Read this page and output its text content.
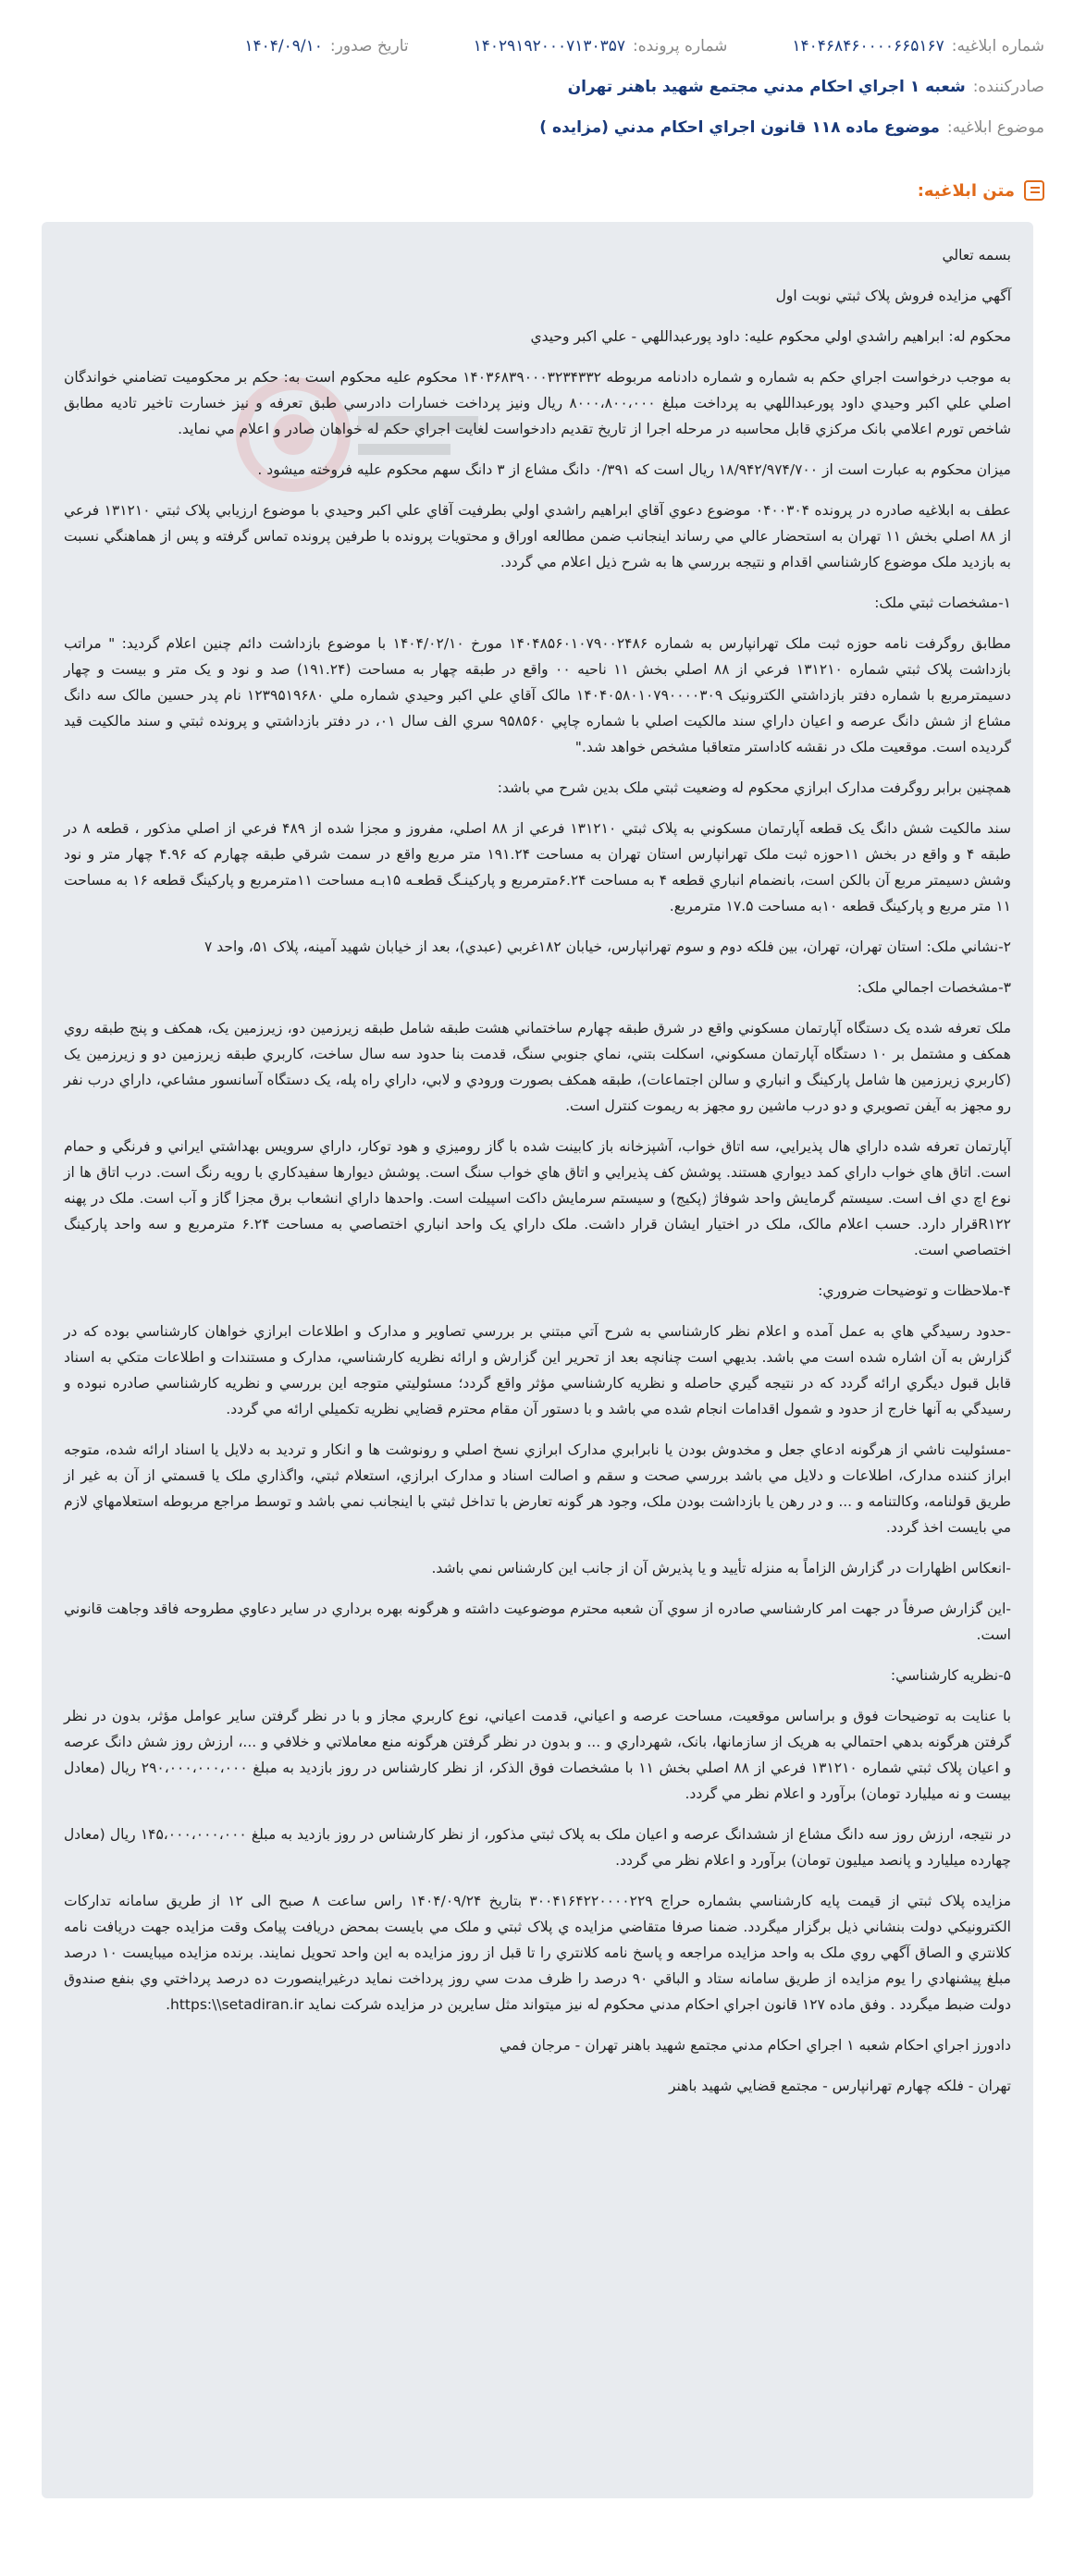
شماره ابلاغيه:
۱۴۰۴۶۸۴۶۰۰۰۰۶۶۵۱۶۷
شماره پرونده:
۱۴۰۲۹۱۹۲۰۰۰۷۱۳۰۳۵۷
تاريخ صدور:
۱۴۰۴/۰۹/۱۰
صادرکننده:
شعبه ۱ اجراي احکام مدني مجتمع شهيد باهنر تهران
موضوع ابلاغيه:
موضوع ماده ۱۱۸ قانون اجراي احکام مدني (مزايده )
متن ابلاغيه:

بسمه تعالي

آگهي مزايده فروش پلاک ثبتي نوبت اول

محکوم له: ابراهيم راشدي اولي محکوم عليه: داود پورعبداللهي - علي اکبر وحيدي

به موجب درخواست اجراي حکم به شماره و شماره دادنامه مربوطه ۱۴۰۳۶۸۳۹۰۰۰۳۲۳۴۳۳۲ محکوم عليه محکوم است به: حکم بر محکوميت تضامني خواندگان اصلي علي اکبر وحيدي داود پورعبداللهي به پرداخت مبلغ ۸۰۰۰،۸۰۰،۰۰۰ ريال ونيز پرداخت خسارات دادرسي طبق تعرفه و نيز خسارت تاخير تاديه مطابق شاخص تورم اعلامي بانک مرکزي قابل محاسبه در مرحله اجرا از تاريخ تقديم دادخواست لغايت اجراي حکم له خواهان صادر و اعلام مي نمايد.

ميزان محکوم به عبارت است از ۱۸/۹۴۲/۹۷۴/۷۰۰ ريال است که ۰/۳۹۱ دانگ مشاع از ۳ دانگ سهم محکوم عليه فروخته ميشود .

عطف به ابلاغيه صادره در پرونده ۰۴۰۰۳۰۴ موضوع دعوي آقاي ابراهيم راشدي اولي بطرفيت آقاي علي اکبر وحيدي با موضوع ارزيابي پلاک ثبتي ۱۳۱۲۱۰ فرعي از ۸۸ اصلي بخش ۱۱ تهران به استحضار عالي مي رساند اينجانب ضمن مطالعه اوراق و محتويات پرونده با طرفين پرونده تماس گرفته و پس از هماهنگي نسبت به بازديد ملک موضوع کارشناسي اقدام و نتيجه بررسي ها به شرح ذيل اعلام مي گردد.

۱-مشخصات ثبتي ملک:

مطابق روگرفت نامه حوزه ثبت ملک تهرانپارس به شماره ۱۴۰۴۸۵۶۰۱۰۷۹۰۰۲۴۸۶ مورخ ۱۴۰۴/۰۲/۱۰ با موضوع بازداشت دائم چنين اعلام گرديد: " مراتب بازداشت پلاک ثبتي شماره ۱۳۱۲۱۰ فرعي از ۸۸ اصلي بخش ۱۱ ناحيه ۰۰ واقع در طبقه چهار به مساحت (۱۹۱.۲۴) صد و نود و يک متر و بيست و چهار دسيمترمربع با شماره دفتر بازداشتي الکترونيک ۱۴۰۴۰۵۸۰۱۰۷۹۰۰۰۰۳۰۹ مالک آقاي علي اکبر وحيدي شماره ملي ۱۲۳۹۵۱۹۶۸۰ نام پدر حسين مالک سه دانگ مشاع از شش دانگ عرصه و اعيان داراي سند مالکيت اصلي با شماره چاپي ۹۵۸۵۶۰ سري الف سال ۰۱، در دفتر بازداشتي و پرونده ثبتي و سند مالکيت قيد گرديده است. موقعيت ملک در نقشه کاداستر متعاقبا مشخص خواهد شد."

همچنين برابر روگرفت مدارک ابرازي محکوم له وضعيت ثبتي ملک بدين شرح مي باشد:

سند مالکيت شش دانگ يک قطعه آپارتمان مسکوني به پلاک ثبتي ۱۳۱۲۱۰ فرعي از ۸۸ اصلي، مفروز و مجزا شده از ۴۸۹ فرعي از اصلي مذکور ، قطعه ۸ در طبقه ۴ و واقع در بخش ۱۱حوزه ثبت ملک تهرانپارس استان تهران به مساحت ۱۹۱.۲۴ متر مربع واقع در سمت شرقي طبقه چهارم که ۴.۹۶ چهار متر و نود وشش دسيمتر مربع آن بالکن است، بانضمام انباري قطعه ۴ به مساحت ۶.۲۴مترمربع و پارکينـگ قطعـه ۱۵بـه مساحت ۱۱مترمربع و پارکينگ قطعه ۱۶ به مساحت ۱۱ متر مربع و پارکينگ قطعه ۱۰به مساحت ۱۷.۵ مترمربع.

۲-نشاني ملک: استان تهران، تهران، بين فلکه دوم و سوم تهرانپارس، خيابان ۱۸۲غربي (عبدي)، بعد از خيابان شهيد آمينه، پلاک ۵۱، واحد ۷

۳-مشخصات اجمالي ملک:

ملک تعرفه شده يک دستگاه آپارتمان مسکوني واقع در شرق طبقه چهارم ساختماني هشت طبقه شامل طبقه زيرزمين دو، زيرزمين يک، همکف و پنج طبقه روي همکف و مشتمل بر ۱۰ دستگاه آپارتمان مسکوني، اسکلت بتني، نماي جنوبي سنگ، قدمت بنا حدود سه سال ساخت، کاربري طبقه زيرزمين دو و زيرزمين يک (کاربري زيرزمين ها شامل پارکينگ و انباري و سالن اجتماعات)، طبقه همکف بصورت ورودي و لابي، داراي راه پله، يک دستگاه آسانسور مشاعي، داراي درب نفر رو مجهز به آيفن تصويري و دو درب ماشين رو مجهز به ريموت کنترل است.

آپارتمان تعرفه شده داراي هال پذيرايي، سه اتاق خواب، آشپزخانه باز کابينت شده با گاز روميزي و هود توکار، داراي سرويس بهداشتي ايراني و فرنگي و حمام است. اتاق هاي خواب داراي کمد ديواري هستند. پوشش کف پذيرايي و اتاق هاي خواب سنگ است. پوشش ديوارها سفيدکاري با رويه رنگ است. درب اتاق ها از نوع اچ دي اف است. سيستم گرمايش واحد شوفاژ (پکيج) و سيستم سرمايش داکت اسپيلت است. واحدها داراي انشعاب برق مجزا گاز و آب است. ملک در پهنه R۱۲۲قرار دارد. حسب اعلام مالک، ملک در اختيار ايشان قرار داشت. ملک داراي يک واحد انباري اختصاصي به مساحت ۶.۲۴ مترمربع و سه واحد پارکينگ اختصاصي است.

۴-ملاحظات و توضيحات ضروري:

-حدود رسيدگي هاي به عمل آمده و اعلام نظر کارشناسي به شرح آتي مبتني بر بررسي تصاوير و مدارک و اطلاعات ابرازي خواهان کارشناسي بوده که در گزارش به آن اشاره شده است مي باشد. بديهي است چنانچه بعد از تحرير اين گزارش و ارائه نظريه کارشناسي، مدارک و مستندات و اطلاعات متکي به اسناد قابل قبول ديگري ارائه گردد که در نتيجه گيري حاصله و نظريه کارشناسي مؤثر واقع گردد؛ مسئوليتي متوجه اين بررسي و نظريه کارشناسي صادره نبوده و رسيدگي به آنها خارج از حدود و شمول اقدامات انجام شده مي باشد و با دستور آن مقام محترم قضايي نظريه تکميلي ارائه مي گردد.

-مسئوليت ناشي از هرگونه ادعاي جعل و مخدوش بودن يا نابرابري مدارک ابرازي نسخ اصلي و رونوشت ها و انکار و ترديد به دلايل يا اسناد ارائه شده، متوجه ابراز کننده مدارک، اطلاعات و دلايل مي باشد بررسي صحت و سقم و اصالت اسناد و مدارک ابرازي، استعلام ثبتي، واگذاري ملک يا قسمتي از آن به غير از طريق قولنامه، وکالتنامه و ... و در رهن يا بازداشت بودن ملک، وجود هر گونه تعارض با تداخل ثبتي با اينجانب نمي باشد و توسط مراجع مربوطه استعلامهاي لازم مي بايست اخذ گردد.

-انعکاس اظهارات در گزارش الزاماً به منزله تأييد و يا پذيرش آن از جانب اين کارشناس نمي باشد.

-اين گزارش صرفاً در جهت امر کارشناسي صادره از سوي آن شعبه محترم موضوعيت داشته و هرگونه بهره برداري در ساير دعاوي مطروحه فاقد وجاهت قانوني است.

۵-نظريه کارشناسي:

با عنايت به توضيحات فوق و براساس موقعيت، مساحت عرصه و اعياني، قدمت اعياني، نوع کاربري مجاز و با در نظر گرفتن ساير عوامل مؤثر، بدون در نظر گرفتن هرگونه بدهي احتمالي به هريک از سازمانها، بانک، شهرداري و ... و بدون در نظر گرفتن هرگونه منع معاملاتي و خلافي و ...، ارزش روز شش دانگ عرصه و اعيان پلاک ثبتي شماره ۱۳۱۲۱۰ فرعي از ۸۸ اصلي بخش ۱۱ با مشخصات فوق الذکر، از نظر کارشناس در روز بازديد به مبلغ ۲۹۰،۰۰۰،۰۰۰،۰۰۰ ريال (معادل بيست و نه ميليارد تومان) برآورد و اعلام نظر مي گردد.

در نتيجه، ارزش روز سه دانگ مشاع از ششدانگ عرصه و اعيان ملک به پلاک ثبتي مذکور، از نظر کارشناس در روز بازديد به مبلغ ۱۴۵،۰۰۰،۰۰۰،۰۰۰ ريال (معادل چهارده ميليارد و پانصد ميليون تومان) برآورد و اعلام نظر مي گردد.

مزايده پلاک ثبتي از قيمت پايه کارشناسي بشماره حراج ۳۰۰۴۱۶۴۲۲۰۰۰۰۲۲۹ بتاريخ ۱۴۰۴/۰۹/۲۴ راس ساعت ۸ صبح الی ۱۲ از طريق سامانه تدارکات الکترونيکي دولت بنشاني ذيل برگزار ميگردد. ضمنا صرفا متقاضي مزايده ي پلاک ثبتي و ملک مي بايست بمحض دريافت پيامک وقت مزايده جهت دريافت نامه کلانتري و الصاق آگهي روي ملک به واحد مزايده مراجعه و پاسخ نامه کلانتري را تا قبل از روز مزايده به اين واحد تحويل نمايند. برنده مزايده ميبايست ۱۰ درصد مبلغ پيشنهادي را يوم مزايده از طريق سامانه ستاد و الباقي ۹۰ درصد را ظرف مدت سي روز پرداخت نمايد درغيراينصورت ده درصد پرداختي وي بنفع صندوق دولت ضبط ميگردد . وفق ماده ۱۲۷ قانون اجراي احکام مدني محکوم له نيز ميتواند مثل سايرين در مزايده شرکت نمايد https:\\setadiran.ir.

دادورز اجراي احکام شعبه ۱ اجراي احکام مدني مجتمع شهيد باهنر تهران - مرجان فمي

تهران - فلکه چهارم تهرانپارس - مجتمع قضايي شهيد باهنر
